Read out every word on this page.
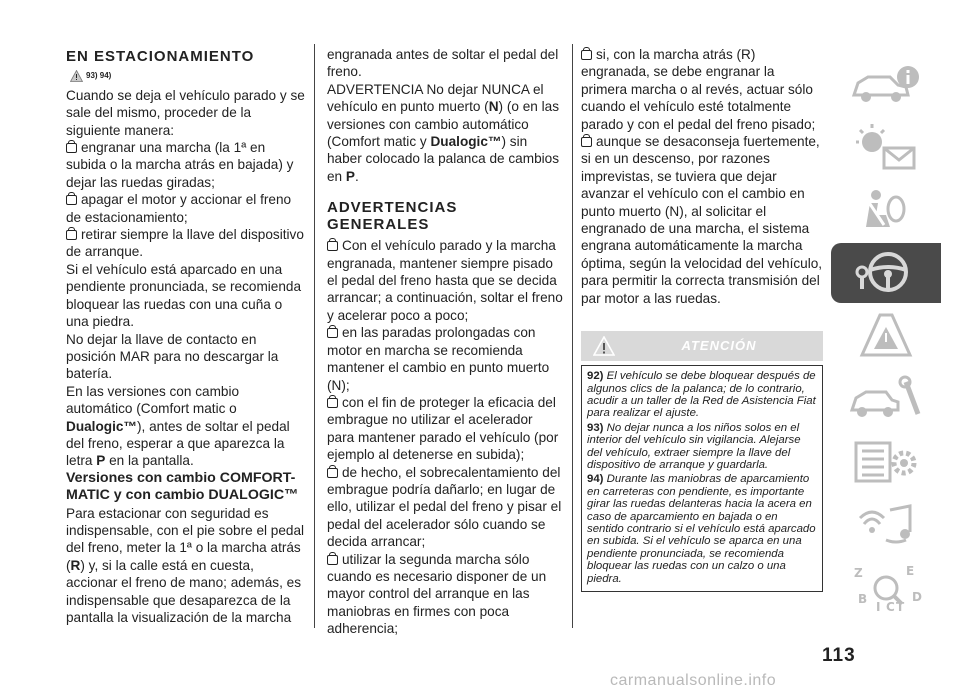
EN ESTACIONAMIENTO
93) 94)

Cuando se deja el vehículo parado y se sale del mismo, proceder de la siguiente manera:

engranar una marcha (la 1ª en subida o la marcha atrás en bajada) y dejar las ruedas giradas;

apagar el motor y accionar el freno de estacionamiento;

retirar siempre la llave del dispositivo de arranque.

Si el vehículo está aparcado en una pendiente pronunciada, se recomienda bloquear las ruedas con una cuña o una piedra.

No dejar la llave de contacto en posición MAR para no descargar la batería.

En las versiones con cambio automático (Comfort matic o Dualogic™), antes de soltar el pedal del freno, esperar a que aparezca la letra P en la pantalla.

Versiones con cambio COMFORT-MATIC y con cambio DUALOGIC™

Para estacionar con seguridad es indispensable, con el pie sobre el pedal del freno, meter la 1ª o la marcha atrás (R) y, si la calle está en cuesta, accionar el freno de mano; además, es indispensable que desaparezca de la pantalla la visualización de la marcha

engranada antes de soltar el pedal del freno.

ADVERTENCIA No dejar NUNCA el vehículo en punto muerto (N) (o en las versiones con cambio automático (Comfort matic y Dualogic™) sin haber colocado la palanca de cambios en P.

ADVERTENCIAS GENERALES

Con el vehículo parado y la marcha engranada, mantener siempre pisado el pedal del freno hasta que se decida arrancar; a continuación, soltar el freno y acelerar poco a poco;

en las paradas prolongadas con motor en marcha se recomienda mantener el cambio en punto muerto (N);

con el fin de proteger la eficacia del embrague no utilizar el acelerador para mantener parado el vehículo (por ejemplo al detenerse en subida);

de hecho, el sobrecalentamiento del embrague podría dañarlo; en lugar de ello, utilizar el pedal del freno y pisar el pedal del acelerador sólo cuando se decida arrancar;

utilizar la segunda marcha sólo cuando es necesario disponer de un mayor control del arranque en las maniobras en firmes con poca adherencia;

si, con la marcha atrás (R) engranada, se debe engranar la primera marcha o al revés, actuar sólo cuando el vehículo esté totalmente parado y con el pedal del freno pisado;

aunque se desaconseja fuertemente, si en un descenso, por razones imprevistas, se tuviera que dejar avanzar el vehículo con el cambio en punto muerto (N), al solicitar el engranado de una marcha, el sistema engrana automáticamente la marcha óptima, según la velocidad del vehículo, para permitir la correcta transmisión del par motor a las ruedas.

ATENCIÓN
92) El vehículo se debe bloquear después de algunos clics de la palanca; de lo contrario, acudir a un taller de la Red de Asistencia Fiat para realizar el ajuste.
93) No dejar nunca a los niños solos en el interior del vehículo sin vigilancia. Alejarse del vehículo, extraer siempre la llave del dispositivo de arranque y guardarla.
94) Durante las maniobras de aparcamiento en carreteras con pendiente, es importante girar las ruedas delanteras hacia la acera en caso de aparcamiento en bajada o en sentido contrario si el vehículo está aparcado en subida. Si el vehículo se aparca en una pendiente pronunciada, se recomienda bloquear las ruedas con un calzo o una piedra.	Z	E
B
I C T
D
113
carmanualsonline.info
